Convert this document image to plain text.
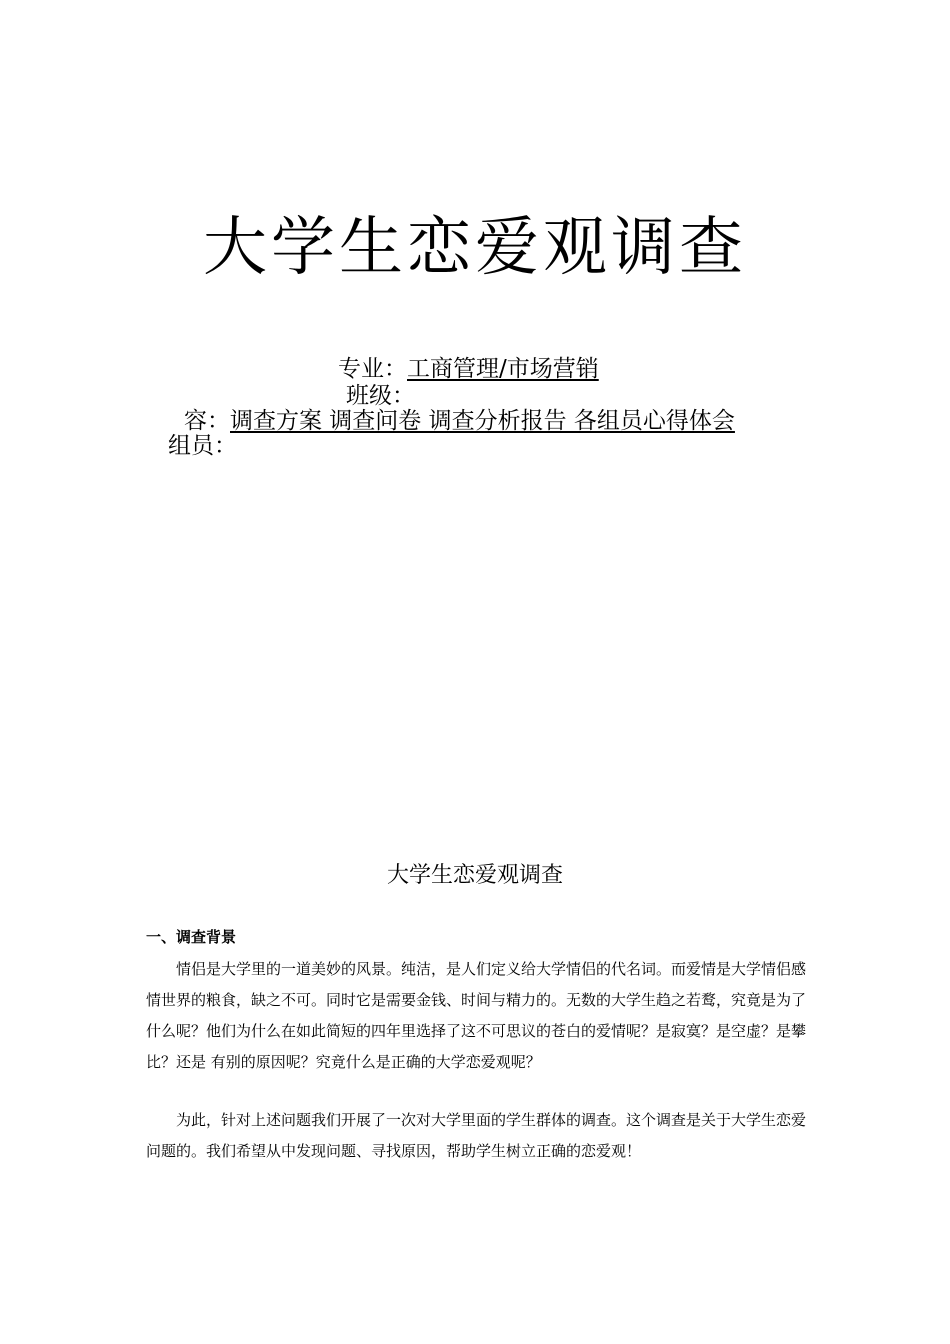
大学生恋爱观调查
专业：工商管理/市场营销
班级：
容：调查方案 调查问卷 调查分析报告 各组员心得体会
组员：
大学生恋爱观调查
一、调查背景

情侣是大学里的一道美妙的风景。纯洁，是人们定义给大学情侣的代名词。而爱情是大学情侣感情世界的粮食，缺之不可。同时它是需要金钱、时间与精力的。无数的大学生趋之若鹜，究竟是为了什么呢？他们为什么在如此简短的四年里选择了这不可思议的苍白的爱情呢？是寂寞？是空虚？是攀比？还是 有别的原因呢？究竟什么是正确的大学恋爱观呢？

为此，针对上述问题我们开展了一次对大学里面的学生群体的调查。这个调查是关于大学生恋爱问题的。我们希望从中发现问题、寻找原因，帮助学生树立正确的恋爱观！
